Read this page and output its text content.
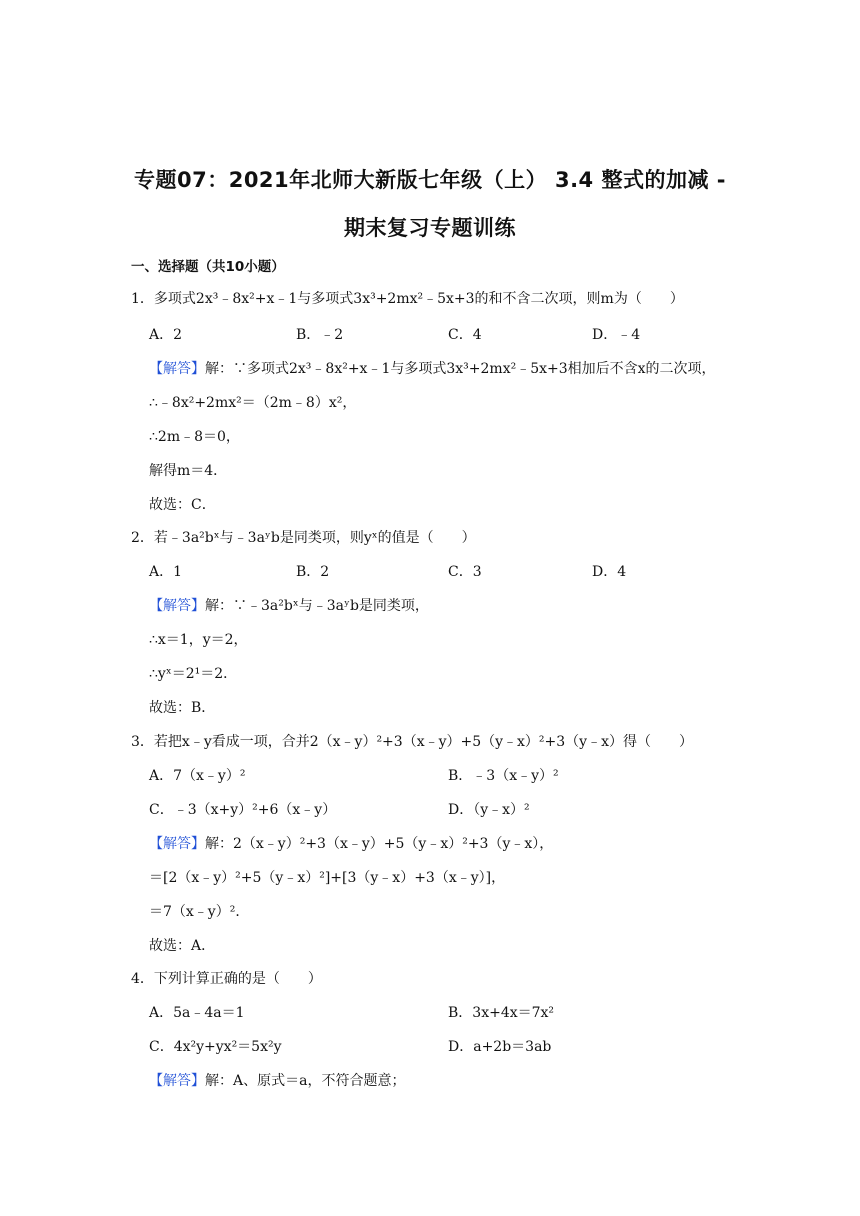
专题07：2021年北师大新版七年级（上） 3.4 整式的加减 -
期末复习专题训练
一、选择题（共10小题）
1．多项式2x³﹣8x²+x﹣1与多项式3x³+2mx²﹣5x+3的和不含二次项，则m为（　　）
A．2	B．﹣2	C．4	D．﹣4
【解答】解：∵多项式2x³﹣8x²+x﹣1与多项式3x³+2mx²﹣5x+3相加后不含x的二次项，
∴﹣8x²+2mx²＝（2m﹣8）x²，
∴2m﹣8＝0，
解得m＝4．
故选：C．
2．若﹣3a²bˣ与﹣3aʸb是同类项，则yˣ的值是（　　）
A．1	B．2	C．3	D．4
【解答】解：∵﹣3a²bˣ与﹣3aʸb是同类项，
∴x＝1，y＝2，
∴yˣ＝2¹＝2．
故选：B．
3．若把x﹣y看成一项，合并2（x﹣y）²+3（x﹣y）+5（y﹣x）²+3（y﹣x）得（　　）
A．7（x﹣y）²	B．﹣3（x﹣y）²
C．﹣3（x+y）²+6（x﹣y）	D．（y﹣x）²
【解答】解：2（x﹣y）²+3（x﹣y）+5（y﹣x）²+3（y﹣x），
＝[2（x﹣y）²+5（y﹣x）²]+[3（y﹣x）+3（x﹣y）]，
＝7（x﹣y）²．
故选：A．
4．下列计算正确的是（　　）
A．5a﹣4a＝1	B．3x+4x＝7x²
C．4x²y+yx²＝5x²y	D．a+2b＝3ab
【解答】解：A、原式＝a，不符合题意；
